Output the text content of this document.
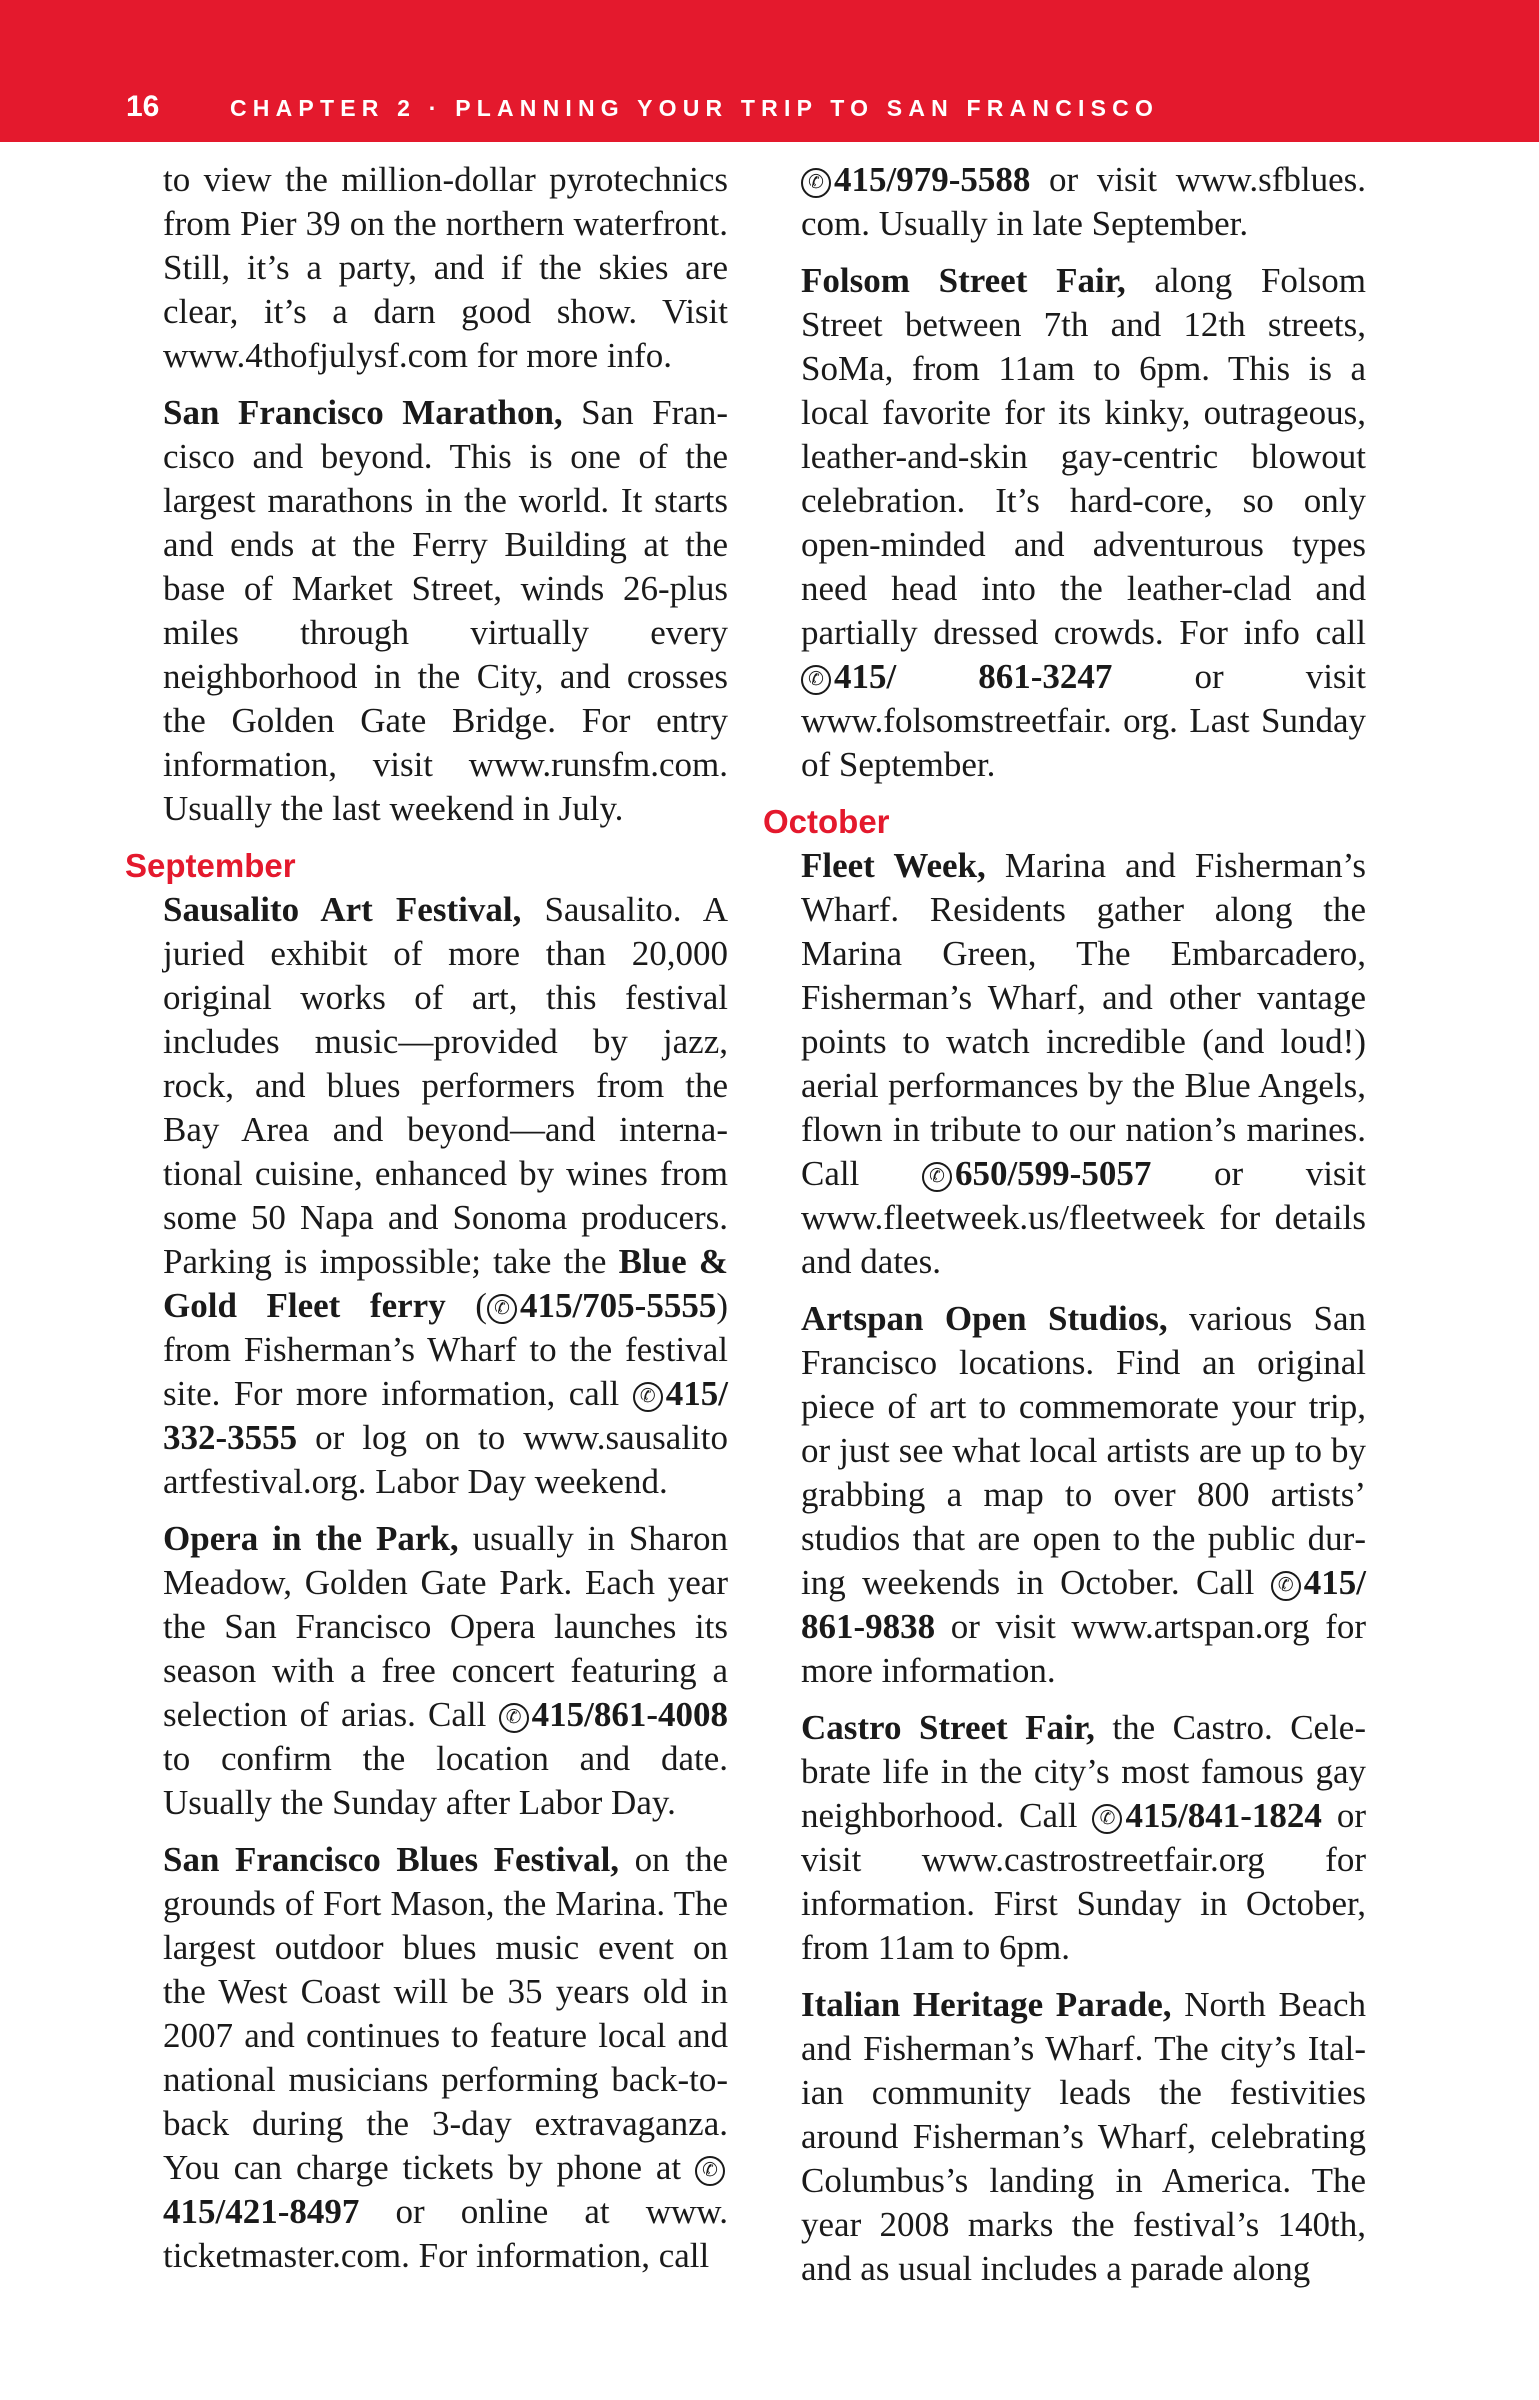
16	CHAPTER 2 · PLANNING YOUR TRIP TO SAN FRANCISCO

to view the million-dollar pyrotechnics from Pier 39 on the northern waterfront. Still, it’s a party, and if the skies are clear, it’s a darn good show. Visit www.4thofjulysf.com for more info.

San Francisco Marathon, San Francisco and beyond. This is one of the largest marathons in the world. It starts and ends at the Ferry Building at the base of Market Street, winds 26-plus miles through virtually every neighborhood in the City, and crosses the Golden Gate Bridge. For entry information, visit www.runsfm.com. Usually the last weekend in July.

September

Sausalito Art Festival, Sausalito. A juried exhibit of more than 20,000 original works of art, this festival includes music—provided by jazz, rock, and blues performers from the Bay Area and beyond—and international cuisine, enhanced by wines from some 50 Napa and Sonoma producers. Parking is impossible; take the Blue & Gold Fleet ferry ( ✆ 415/705-5555) from Fisherman’s Wharf to the festival site. For more information, call ✆ 415/ 332-3555 or log on to www.sausalito artfestival.org. Labor Day weekend.

Opera in the Park, usually in Sharon Meadow, Golden Gate Park. Each year the San Francisco Opera launches its season with a free concert featuring a selection of arias. Call ✆ 415/861-4008 to confirm the location and date. Usually the Sunday after Labor Day.

San Francisco Blues Festival, on the grounds of Fort Mason, the Marina. The largest outdoor blues music event on the West Coast will be 35 years old in 2007 and continues to feature local and national musicians performing back-to-back during the 3-day extravaganza. You can charge tickets by phone at ✆415/421-8497 or online at www. ticketmaster.com. For information, call

✆ 415/979-5588 or visit www.sfblues. com. Usually in late September.

Folsom Street Fair, along Folsom Street between 7th and 12th streets, SoMa, from 11am to 6pm. This is a local favorite for its kinky, outrageous, leather-and-skin gay-centric blowout celebration. It’s hard-core, so only open-minded and adventurous types need head into the leather-clad and partially dressed crowds. For info call ✆ 415/ 861-3247 or visit www.folsomstreetfair. org. Last Sunday of September.

October

Fleet Week, Marina and Fisherman’s Wharf. Residents gather along the Marina Green, The Embarcadero, Fisherman’s Wharf, and other vantage points to watch incredible (and loud!) aerial performances by the Blue Angels, flown in tribute to our nation’s marines. Call ✆ 650/599-5057 or visit www.fleetweek.us/fleetweek for details and dates.

Artspan Open Studios, various San Francisco locations. Find an original piece of art to commemorate your trip, or just see what local artists are up to by grabbing a map to over 800 artists’ studios that are open to the public during weekends in October. Call ✆ 415/ 861-9838 or visit www.artspan.org for more information.

Castro Street Fair, the Castro. Celebrate life in the city’s most famous gay neighborhood. Call ✆ 415/841-1824 or visit www.castrostreetfair.org for information. First Sunday in October, from 11am to 6pm.

Italian Heritage Parade, North Beach and Fisherman’s Wharf. The city’s Italian community leads the festivities around Fisherman’s Wharf, celebrating Columbus’s landing in America. The year 2008 marks the festival’s 140th, and as usual includes a parade along
